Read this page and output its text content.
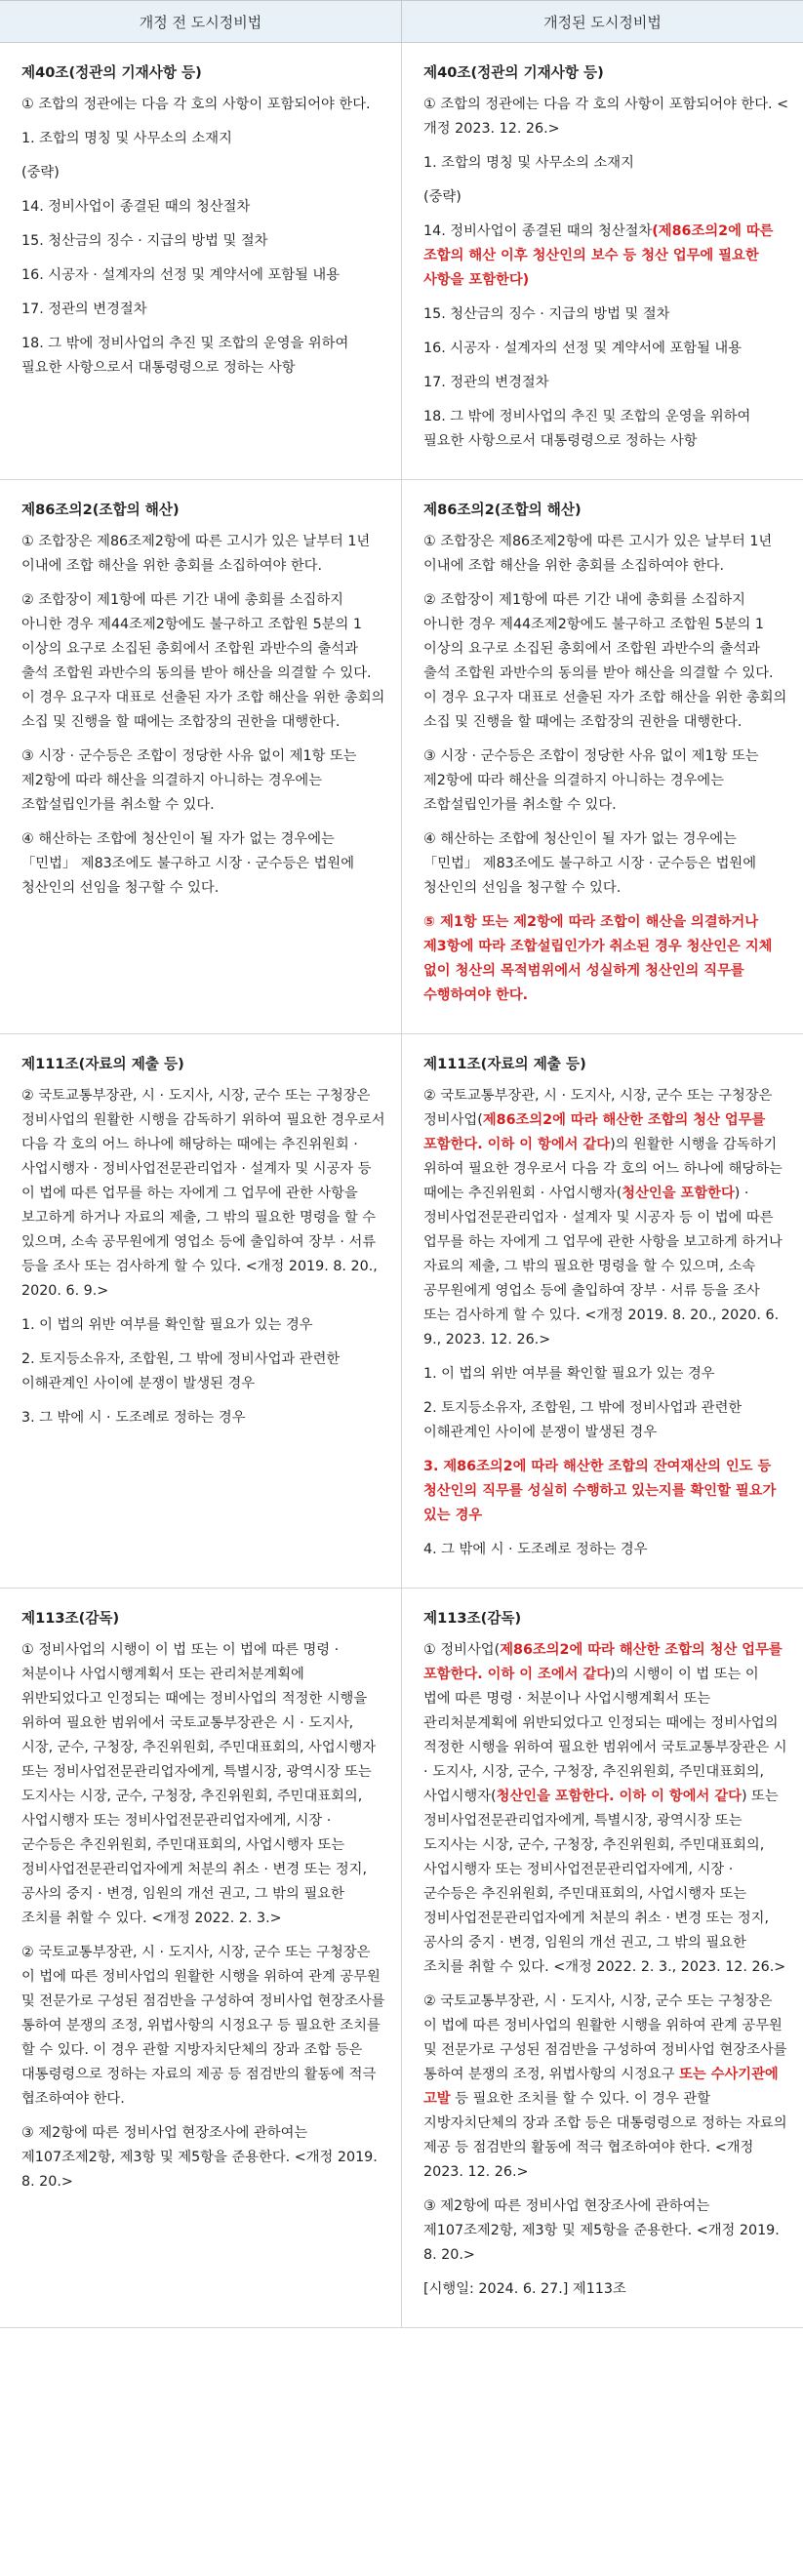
개정 전 도시정비법	개정된 도시정비법
제40조(정관의 기재사항 등)
① 조합의 정관에는 다음 각 호의 사항이 포함되어야 한다.
1. 조합의 명칭 및 사무소의 소재지
(중략)
14. 정비사업이 종결된 때의 청산절차
15. 청산금의 징수 · 지급의 방법 및 절차
16. 시공자 · 설계자의 선정 및 계약서에 포함될 내용
17. 정관의 변경절차
18. 그 밖에 정비사업의 추진 및 조합의 운영을 위하여 필요한 사항으로서 대통령령으로 정하는 사항
제40조(정관의 기재사항 등)
① 조합의 정관에는 다음 각 호의 사항이 포함되어야 한다. <개정 2023. 12. 26.>
1. 조합의 명칭 및 사무소의 소재지
(중략)
14. 정비사업이 종결된 때의 청산절차(제86조의2에 따른 조합의 해산 이후 청산인의 보수 등 청산 업무에 필요한 사항을 포함한다)
15. 청산금의 징수 · 지급의 방법 및 절차
16. 시공자 · 설계자의 선정 및 계약서에 포함될 내용
17. 정관의 변경절차
18. 그 밖에 정비사업의 추진 및 조합의 운영을 위하여 필요한 사항으로서 대통령령으로 정하는 사항
제86조의2(조합의 해산)
① 조합장은 제86조제2항에 따른 고시가 있은 날부터 1년 이내에 조합 해산을 위한 총회를 소집하여야 한다.
② 조합장이 제1항에 따른 기간 내에 총회를 소집하지 아니한 경우 제44조제2항에도 불구하고 조합원 5분의 1 이상의 요구로 소집된 총회에서 조합원 과반수의 출석과 출석 조합원 과반수의 동의를 받아 해산을 의결할 수 있다. 이 경우 요구자 대표로 선출된 자가 조합 해산을 위한 총회의 소집 및 진행을 할 때에는 조합장의 권한을 대행한다.
③ 시장 · 군수등은 조합이 정당한 사유 없이 제1항 또는 제2항에 따라 해산을 의결하지 아니하는 경우에는 조합설립인가를 취소할 수 있다.
④ 해산하는 조합에 청산인이 될 자가 없는 경우에는 「민법」 제83조에도 불구하고 시장 · 군수등은 법원에 청산인의 선임을 청구할 수 있다.
제86조의2(조합의 해산)
① 조합장은 제86조제2항에 따른 고시가 있은 날부터 1년 이내에 조합 해산을 위한 총회를 소집하여야 한다.
② 조합장이 제1항에 따른 기간 내에 총회를 소집하지 아니한 경우 제44조제2항에도 불구하고 조합원 5분의 1 이상의 요구로 소집된 총회에서 조합원 과반수의 출석과 출석 조합원 과반수의 동의를 받아 해산을 의결할 수 있다. 이 경우 요구자 대표로 선출된 자가 조합 해산을 위한 총회의 소집 및 진행을 할 때에는 조합장의 권한을 대행한다.
③ 시장 · 군수등은 조합이 정당한 사유 없이 제1항 또는 제2항에 따라 해산을 의결하지 아니하는 경우에는 조합설립인가를 취소할 수 있다.
④ 해산하는 조합에 청산인이 될 자가 없는 경우에는 「민법」 제83조에도 불구하고 시장 · 군수등은 법원에 청산인의 선임을 청구할 수 있다.
⑤ 제1항 또는 제2항에 따라 조합이 해산을 의결하거나 제3항에 따라 조합설립인가가 취소된 경우 청산인은 지체 없이 청산의 목적범위에서 성실하게 청산인의 직무를 수행하여야 한다.
제111조(자료의 제출 등)
② 국토교통부장관, 시 · 도지사, 시장, 군수 또는 구청장은 정비사업의 원활한 시행을 감독하기 위하여 필요한 경우로서 다음 각 호의 어느 하나에 해당하는 때에는 추진위원회 · 사업시행자 · 정비사업전문관리업자 · 설계자 및 시공자 등 이 법에 따른 업무를 하는 자에게 그 업무에 관한 사항을 보고하게 하거나 자료의 제출, 그 밖의 필요한 명령을 할 수 있으며, 소속 공무원에게 영업소 등에 출입하여 장부 · 서류 등을 조사 또는 검사하게 할 수 있다. <개정 2019. 8. 20., 2020. 6. 9.>
1. 이 법의 위반 여부를 확인할 필요가 있는 경우
2. 토지등소유자, 조합원, 그 밖에 정비사업과 관련한 이해관계인 사이에 분쟁이 발생된 경우
3. 그 밖에 시 · 도조례로 정하는 경우
제111조(자료의 제출 등)
② 국토교통부장관, 시 · 도지사, 시장, 군수 또는 구청장은 정비사업(제86조의2에 따라 해산한 조합의 청산 업무를 포함한다. 이하 이 항에서 같다)의 원활한 시행을 감독하기 위하여 필요한 경우로서 다음 각 호의 어느 하나에 해당하는 때에는 추진위원회 · 사업시행자(청산인을 포함한다) · 정비사업전문관리업자 · 설계자 및 시공자 등 이 법에 따른 업무를 하는 자에게 그 업무에 관한 사항을 보고하게 하거나 자료의 제출, 그 밖의 필요한 명령을 할 수 있으며, 소속 공무원에게 영업소 등에 출입하여 장부 · 서류 등을 조사 또는 검사하게 할 수 있다. <개정 2019. 8. 20., 2020. 6. 9., 2023. 12. 26.>
1. 이 법의 위반 여부를 확인할 필요가 있는 경우
2. 토지등소유자, 조합원, 그 밖에 정비사업과 관련한 이해관계인 사이에 분쟁이 발생된 경우
3. 제86조의2에 따라 해산한 조합의 잔여재산의 인도 등 청산인의 직무를 성실히 수행하고 있는지를 확인할 필요가 있는 경우
4. 그 밖에 시 · 도조례로 정하는 경우
제113조(감독)
① 정비사업의 시행이 이 법 또는 이 법에 따른 명령 · 처분이나 사업시행계획서 또는 관리처분계획에 위반되었다고 인정되는 때에는 정비사업의 적정한 시행을 위하여 필요한 범위에서 국토교통부장관은 시 · 도지사, 시장, 군수, 구청장, 추진위원회, 주민대표회의, 사업시행자 또는 정비사업전문관리업자에게, 특별시장, 광역시장 또는 도지사는 시장, 군수, 구청장, 추진위원회, 주민대표회의, 사업시행자 또는 정비사업전문관리업자에게, 시장 · 군수등은 추진위원회, 주민대표회의, 사업시행자 또는 정비사업전문관리업자에게 처분의 취소 · 변경 또는 정지, 공사의 중지 · 변경, 임원의 개선 권고, 그 밖의 필요한 조치를 취할 수 있다. <개정 2022. 2. 3.>
② 국토교통부장관, 시 · 도지사, 시장, 군수 또는 구청장은 이 법에 따른 정비사업의 원활한 시행을 위하여 관계 공무원 및 전문가로 구성된 점검반을 구성하여 정비사업 현장조사를 통하여 분쟁의 조정, 위법사항의 시정요구 등 필요한 조치를 할 수 있다. 이 경우 관할 지방자치단체의 장과 조합 등은 대통령령으로 정하는 자료의 제공 등 점검반의 활동에 적극 협조하여야 한다.
③ 제2항에 따른 정비사업 현장조사에 관하여는 제107조제2항, 제3항 및 제5항을 준용한다. <개정 2019. 8. 20.>
제113조(감독)
① 정비사업(제86조의2에 따라 해산한 조합의 청산 업무를 포함한다. 이하 이 조에서 같다)의 시행이 이 법 또는 이 법에 따른 명령 · 처분이나 사업시행계획서 또는 관리처분계획에 위반되었다고 인정되는 때에는 정비사업의 적정한 시행을 위하여 필요한 범위에서 국토교통부장관은 시 · 도지사, 시장, 군수, 구청장, 추진위원회, 주민대표회의, 사업시행자(청산인을 포함한다. 이하 이 항에서 같다) 또는 정비사업전문관리업자에게, 특별시장, 광역시장 또는 도지사는 시장, 군수, 구청장, 추진위원회, 주민대표회의, 사업시행자 또는 정비사업전문관리업자에게, 시장 · 군수등은 추진위원회, 주민대표회의, 사업시행자 또는 정비사업전문관리업자에게 처분의 취소 · 변경 또는 정지, 공사의 중지 · 변경, 임원의 개선 권고, 그 밖의 필요한 조치를 취할 수 있다. <개정 2022. 2. 3., 2023. 12. 26.>
② 국토교통부장관, 시 · 도지사, 시장, 군수 또는 구청장은 이 법에 따른 정비사업의 원활한 시행을 위하여 관계 공무원 및 전문가로 구성된 점검반을 구성하여 정비사업 현장조사를 통하여 분쟁의 조정, 위법사항의 시정요구 또는 수사기관에 고발 등 필요한 조치를 할 수 있다. 이 경우 관할 지방자치단체의 장과 조합 등은 대통령령으로 정하는 자료의 제공 등 점검반의 활동에 적극 협조하여야 한다. <개정 2023. 12. 26.>
③ 제2항에 따른 정비사업 현장조사에 관하여는 제107조제2항, 제3항 및 제5항을 준용한다. <개정 2019. 8. 20.>
[시행일: 2024. 6. 27.] 제113조
